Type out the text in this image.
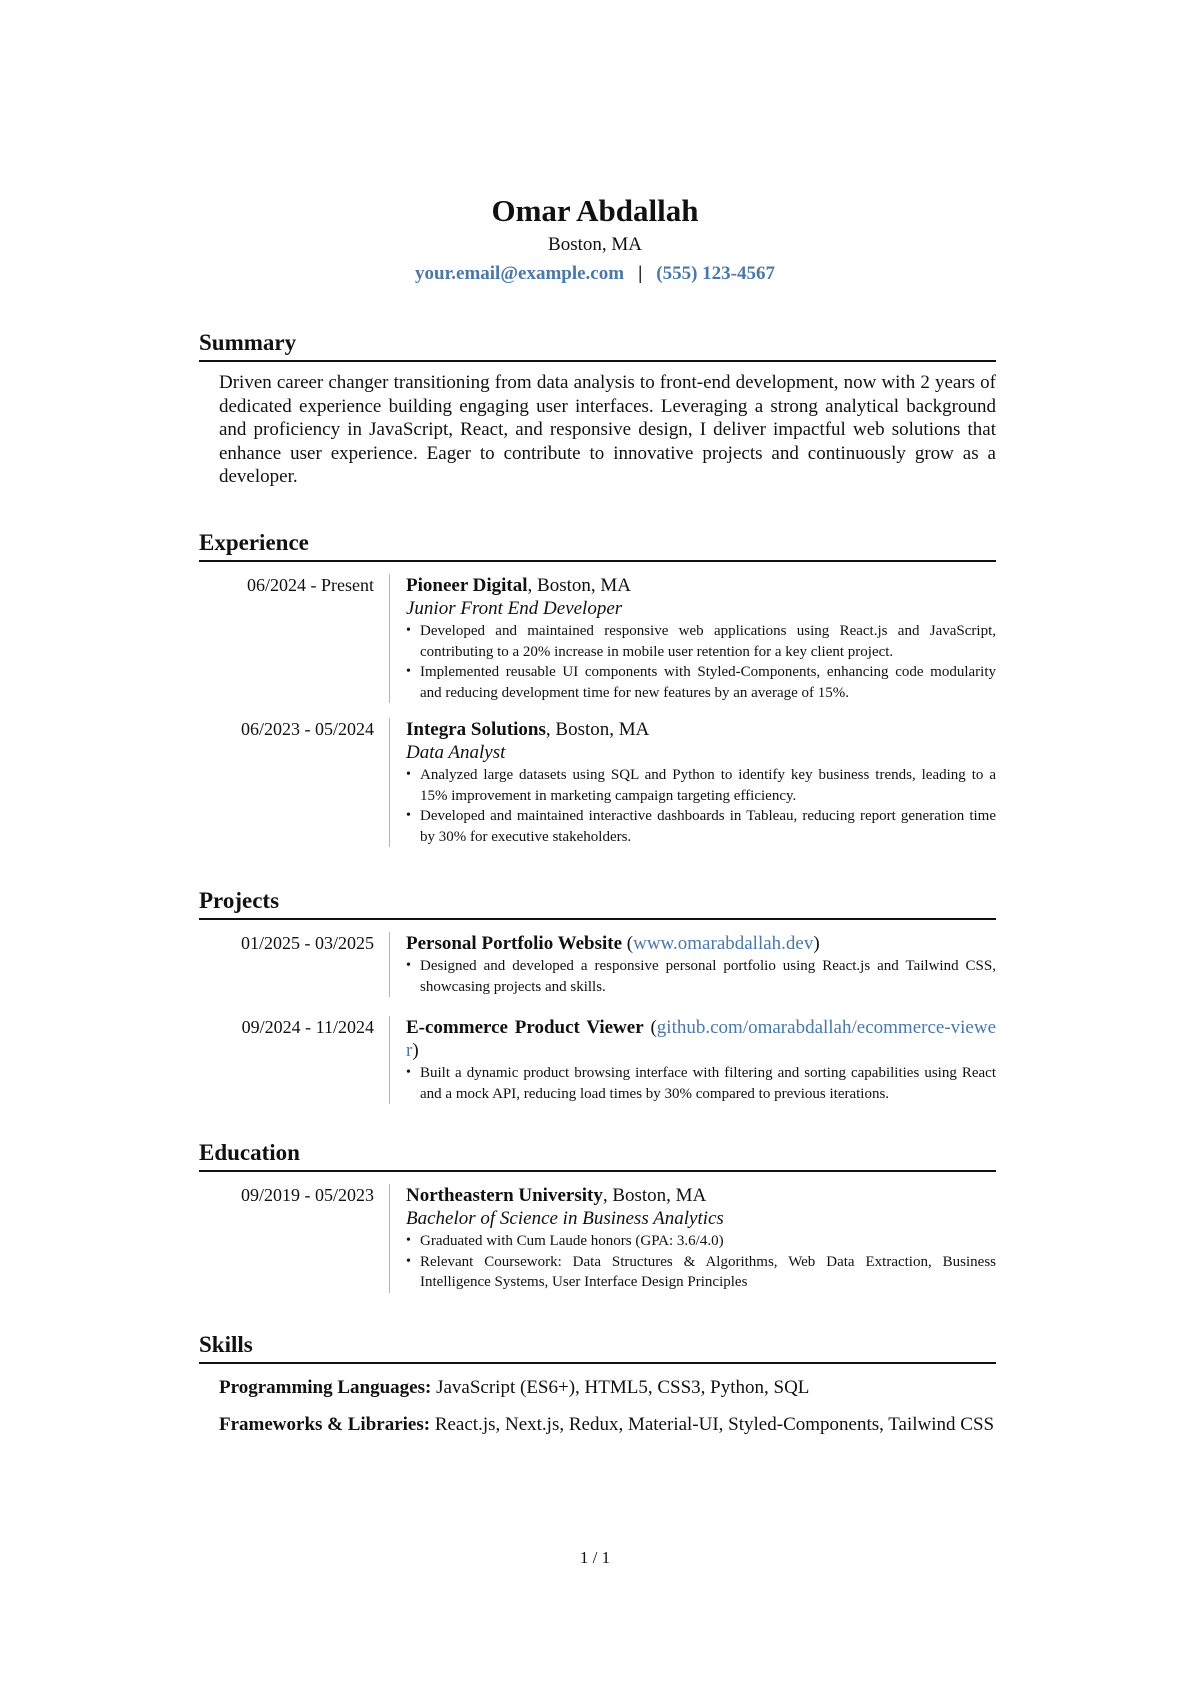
Omar Abdallah
Boston, MA
your.email@example.com | (555) 123-4567
Summary
Driven career changer transitioning from data analysis to front-end development, now with 2 years of dedicated experience building engaging user interfaces. Leveraging a strong analytical background and proficiency in JavaScript, React, and responsive design, I deliver impactful web solutions that enhance user experience. Eager to contribute to innovative projects and continuously grow as a developer.
Experience
06/2024 - Present Pioneer Digital, Boston, MA
Junior Front End Developer
• Developed and maintained responsive web applications using React.js and JavaScript, contributing to a 20% increase in mobile user retention for a key client project.
• Implemented reusable UI components with Styled-Components, enhancing code modularity and reducing development time for new features by an average of 15%.
06/2023 - 05/2024 Integra Solutions, Boston, MA
Data Analyst
• Analyzed large datasets using SQL and Python to identify key business trends, leading to a 15% improvement in marketing campaign targeting efficiency.
• Developed and maintained interactive dashboards in Tableau, reducing report generation time by 30% for executive stakeholders.
Projects
01/2025 - 03/2025 Personal Portfolio Website (www.omarabdallah.dev)
• Designed and developed a responsive personal portfolio using React.js and Tailwind CSS, showcasing projects and skills.
09/2024 - 11/2024 E-commerce Product Viewer (github.com/omarabdallah/ecommerce-viewer)
• Built a dynamic product browsing interface with filtering and sorting capabilities using React and a mock API, reducing load times by 30% compared to previous iterations.
Education
09/2019 - 05/2023 Northeastern University, Boston, MA
Bachelor of Science in Business Analytics
• Graduated with Cum Laude honors (GPA: 3.6/4.0)
• Relevant Coursework: Data Structures & Algorithms, Web Data Extraction, Business Intelligence Systems, User Interface Design Principles
Skills
Programming Languages: JavaScript (ES6+), HTML5, CSS3, Python, SQL
Frameworks & Libraries: React.js, Next.js, Redux, Material-UI, Styled-Components, Tailwind CSS
1 / 1
